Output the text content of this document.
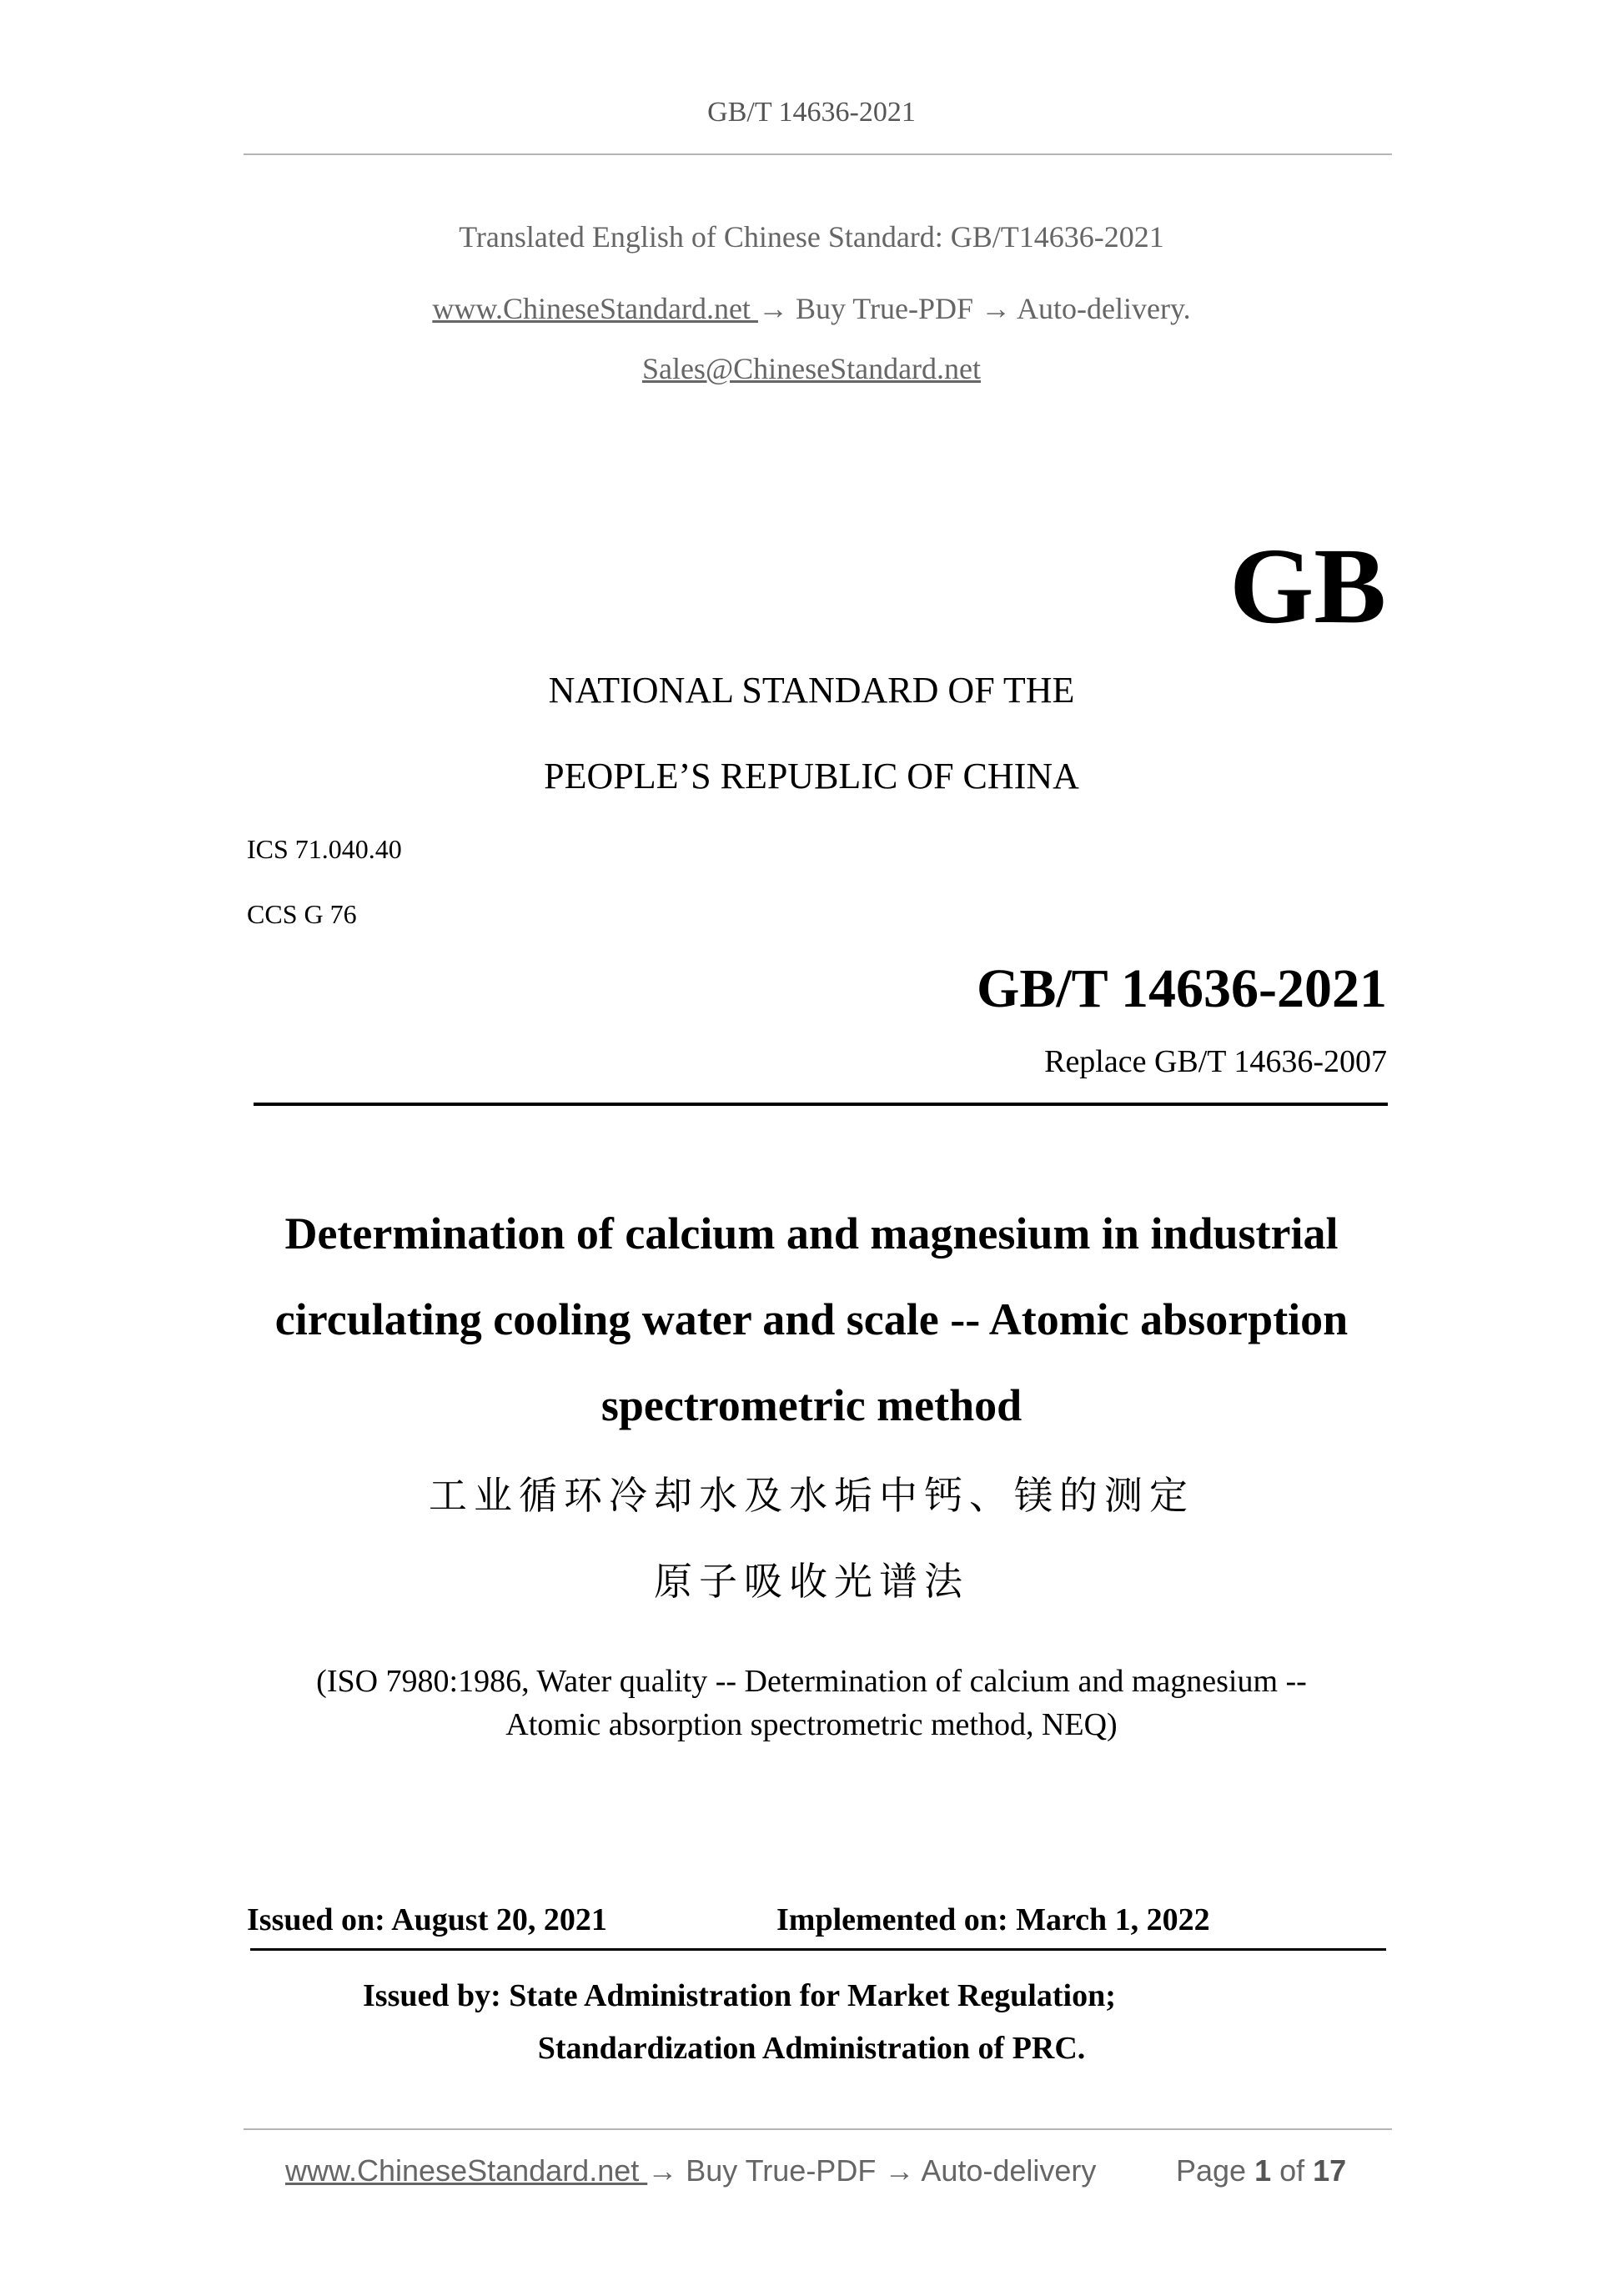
GB/T 14636-2021
Translated English of Chinese Standard: GB/T14636-2021
www.ChineseStandard.net → Buy True-PDF → Auto-delivery.
Sales@ChineseStandard.net
GB
NATIONAL STANDARD OF THE
PEOPLE’S REPUBLIC OF CHINA
ICS 71.040.40
CCS G 76
GB/T 14636-2021
Replace GB/T 14636-2007
Determination of calcium and magnesium in industrial
circulating cooling water and scale -- Atomic absorption
spectrometric method
工业循环冷却水及水垢中钙、镁的测定
原子吸收光谱法
(ISO 7980:1986, Water quality -- Determination of calcium and magnesium --
Atomic absorption spectrometric method, NEQ)
Issued on: August 20, 2021	Implemented on: March 1, 2022
Issued by: State Administration for Market Regulation;
Standardization Administration of PRC.
www.ChineseStandard.net → Buy True-PDF → Auto-delivery	Page 1 of 17
